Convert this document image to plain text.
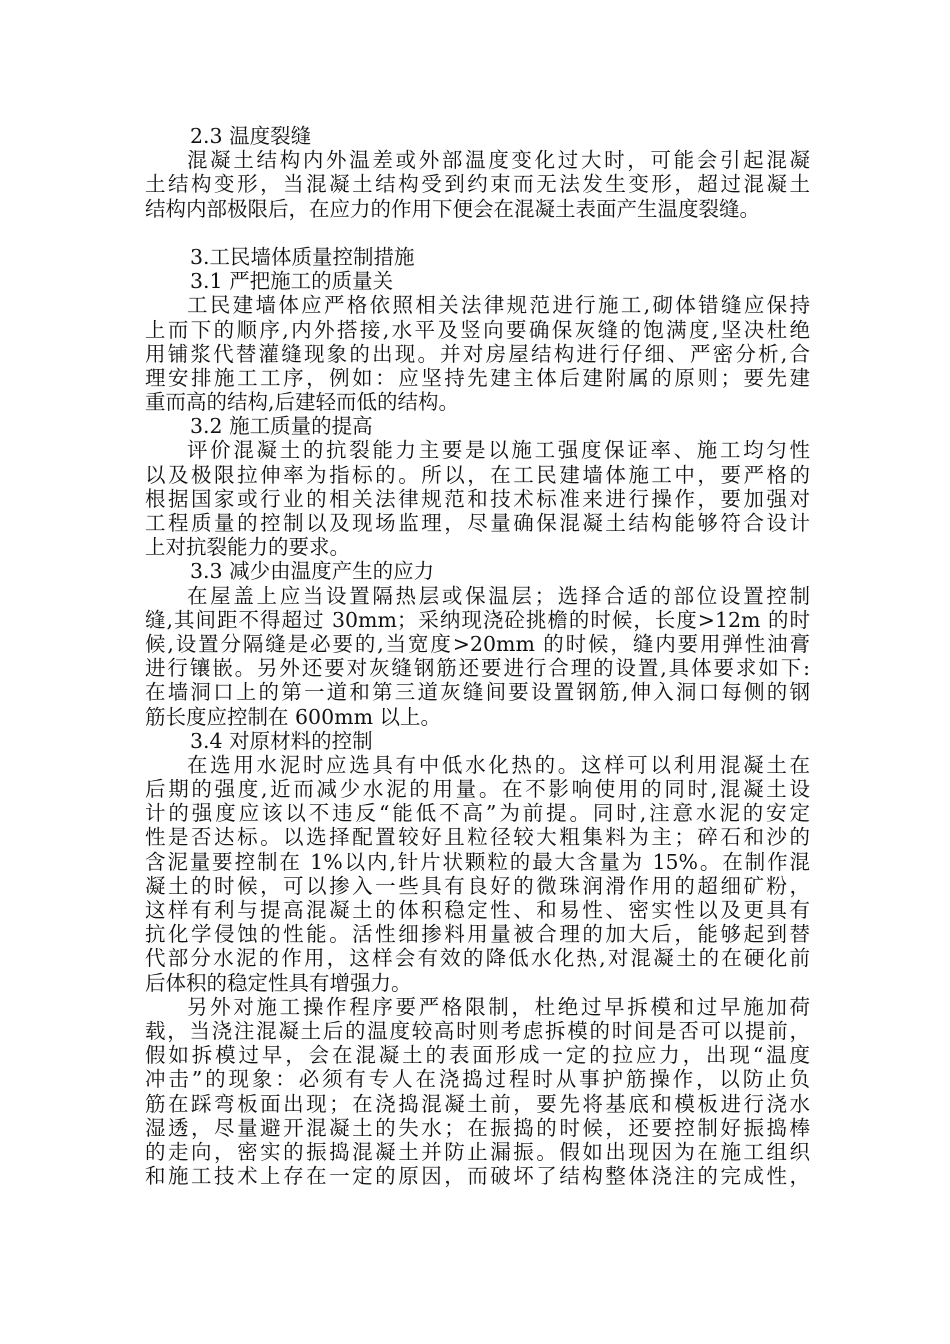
2.3 温度裂缝
混凝土结构内外温差或外部温度变化过大时，可能会引起混凝
土结构变形，当混凝土结构受到约束而无法发生变形，超过混凝土
结构内部极限后，在应力的作用下便会在混凝土表面产生温度裂缝。
3.工民墙体质量控制措施
3.1 严把施工的质量关
工民建墙体应严格依照相关法律规范进行施工,砌体错缝应保持
上而下的顺序,内外搭接,水平及竖向要确保灰缝的饱满度,坚决杜绝
用铺浆代替灌缝现象的出现。并对房屋结构进行仔细、严密分析,合
理安排施工工序，例如：应坚持先建主体后建附属的原则；要先建
重而高的结构,后建轻而低的结构。
3.2 施工质量的提高
评价混凝土的抗裂能力主要是以施工强度保证率、施工均匀性
以及极限拉伸率为指标的。所以，在工民建墙体施工中，要严格的
根据国家或行业的相关法律规范和技术标准来进行操作，要加强对
工程质量的控制以及现场监理，尽量确保混凝土结构能够符合设计
上对抗裂能力的要求。
3.3 减少由温度产生的应力
在屋盖上应当设置隔热层或保温层；选择合适的部位设置控制
缝,其间距不得超过 30mm；采纳现浇砼挑檐的时候，长度>12m 的时
候,设置分隔缝是必要的,当宽度>20mm 的时候，缝内要用弹性油膏
进行镶嵌。另外还要对灰缝钢筋还要进行合理的设置,具体要求如下:
在墙洞口上的第一道和第三道灰缝间要设置钢筋,伸入洞口每侧的钢
筋长度应控制在 600mm 以上。
3.4 对原材料的控制
在选用水泥时应选具有中低水化热的。这样可以利用混凝土在
后期的强度,近而减少水泥的用量。在不影响使用的同时,混凝土设
计的强度应该以不违反“能低不高”为前提。同时,注意水泥的安定
性是否达标。以选择配置较好且粒径较大粗集料为主；碎石和沙的
含泥量要控制在 1%以内,针片状颗粒的最大含量为 15%。在制作混
凝土的时候，可以掺入一些具有良好的微珠润滑作用的超细矿粉，
这样有利与提高混凝土的体积稳定性、和易性、密实性以及更具有
抗化学侵蚀的性能。活性细掺料用量被合理的加大后，能够起到替
代部分水泥的作用，这样会有效的降低水化热,对混凝土的在硬化前
后体积的稳定性具有增强力。
另外对施工操作程序要严格限制，杜绝过早拆模和过早施加荷
载，当浇注混凝土后的温度较高时则考虑拆模的时间是否可以提前，
假如拆模过早，会在混凝土的表面形成一定的拉应力，出现“温度
冲击”的现象：必须有专人在浇捣过程时从事护筋操作，以防止负
筋在踩弯板面出现；在浇捣混凝土前，要先将基底和模板进行浇水
湿透，尽量避开混凝土的失水；在振捣的时候，还要控制好振捣棒
的走向，密实的振捣混凝土并防止漏振。假如出现因为在施工组织
和施工技术上存在一定的原因，而破坏了结构整体浇注的完成性，
